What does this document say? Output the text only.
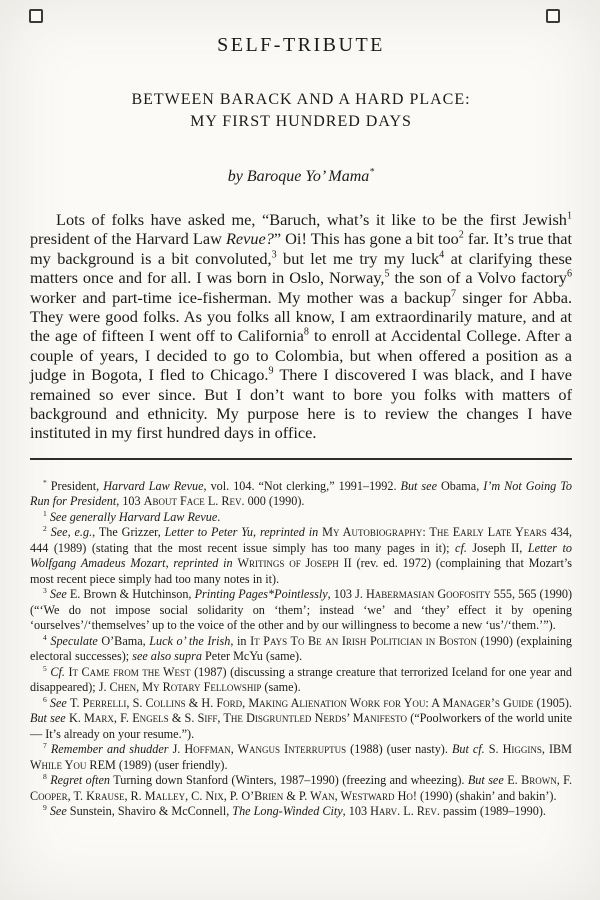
SELF-TRIBUTE
BETWEEN BARACK AND A HARD PLACE:
MY FIRST HUNDRED DAYS
by Baroque Yo’ Mama*

Lots of folks have asked me, “Baruch, what’s it like to be the first Jewish$^1$ president of the Harvard Law Revue?” Oi! This has gone a bit too$^2$ far. It’s true that my background is a bit convoluted,$^3$ but let me try my luck$^4$ at clarifying these matters once and for all. I was born in Oslo, Norway,$^5$ the son of a Volvo factory$^6$ worker and part-time ice-fisherman. My mother was a backup$^7$ singer for Abba. They were good folks. As you folks all know, I am extraordinarily mature, and at the age of fifteen I went off to California$^8$ to enroll at Accidental College. After a couple of years, I decided to go to Colombia, but when offered a position as a judge in Bogota, I fled to Chicago.$^9$ There I discovered I was black, and I have remained so ever since. But I don’t want to bore you folks with matters of background and ethnicity. My purpose here is to review the changes I have instituted in my first hundred days in office.

* President, Harvard Law Revue, vol. 104. “Not clerking,” 1991–1992. But see Obama, I’m Not Going To Run for President, 103 About Face L. Rev. 000 (1990).

$^1$ See generally Harvard Law Revue.

$^2$ See, e.g., The Grizzer, Letter to Peter Yu, reprinted in My Autobiography: The Early Late Years 434, 444 (1989) (stating that the most recent issue simply has too many pages in it); cf. Joseph II, Letter to Wolfgang Amadeus Mozart, reprinted in Writings of Joseph II (rev. ed. 1972) (complaining that Mozart’s most recent piece simply had too many notes in it).

$^3$ See E. Brown & Hutchinson, Printing Pages*Pointlessly, 103 J. Habermasian Goofosity 555, 565 (1990) (“‘We do not impose social solidarity on ‘them’; instead ‘we’ and ‘they’ effect it by opening ‘ourselves’/‘themselves’ up to the voice of the other and by our willingness to become a new ‘us’/‘them.’”).

$^4$ Speculate O’Bama, Luck o’ the Irish, in It Pays To Be an Irish Politician in Boston (1990) (explaining electoral successes); see also supra Peter McYu (same).

$^5$ Cf. It Came from the West (1987) (discussing a strange creature that terrorized Iceland for one year and disappeared); J. Chen, My Rotary Fellowship (same).

$^6$ See T. Perrelli, S. Collins & H. Ford, Making Alienation Work for You: A Manager’s Guide (1905). But see K. Marx, F. Engels & S. Siff, The Disgruntled Nerds’ Manifesto (“Poolworkers of the world unite — It’s already on your resume.”).

$^7$ Remember and shudder J. Hoffman, Wangus Interruptus (1988) (user nasty). But cf. S. Higgins, IBM While You REM (1989) (user friendly).

$^8$ Regret often Turning down Stanford (Winters, 1987–1990) (freezing and wheezing). But see E. Brown, F. Cooper, T. Krause, R. Malley, C. Nix, P. O’Brien & P. Wan, Westward Ho! (1990) (shakin’ and bakin’).

$^9$ See Sunstein, Shaviro & McConnell, The Long-Winded City, 103 Harv. L. Rev. passim (1989–1990).
